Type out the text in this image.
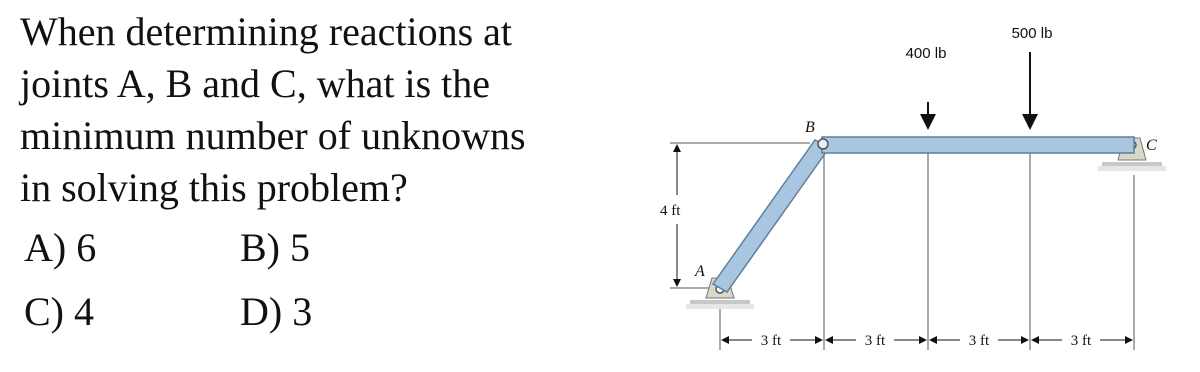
When determining reactions at
joints A, B and C, what is the
minimum number of unknowns
in solving this problem?
A) 6	B) 5
C) 4	D) 3
4 ft
3 ft	3 ft	3 ft	3 ft
A
B
C
400 lb
500 lb
